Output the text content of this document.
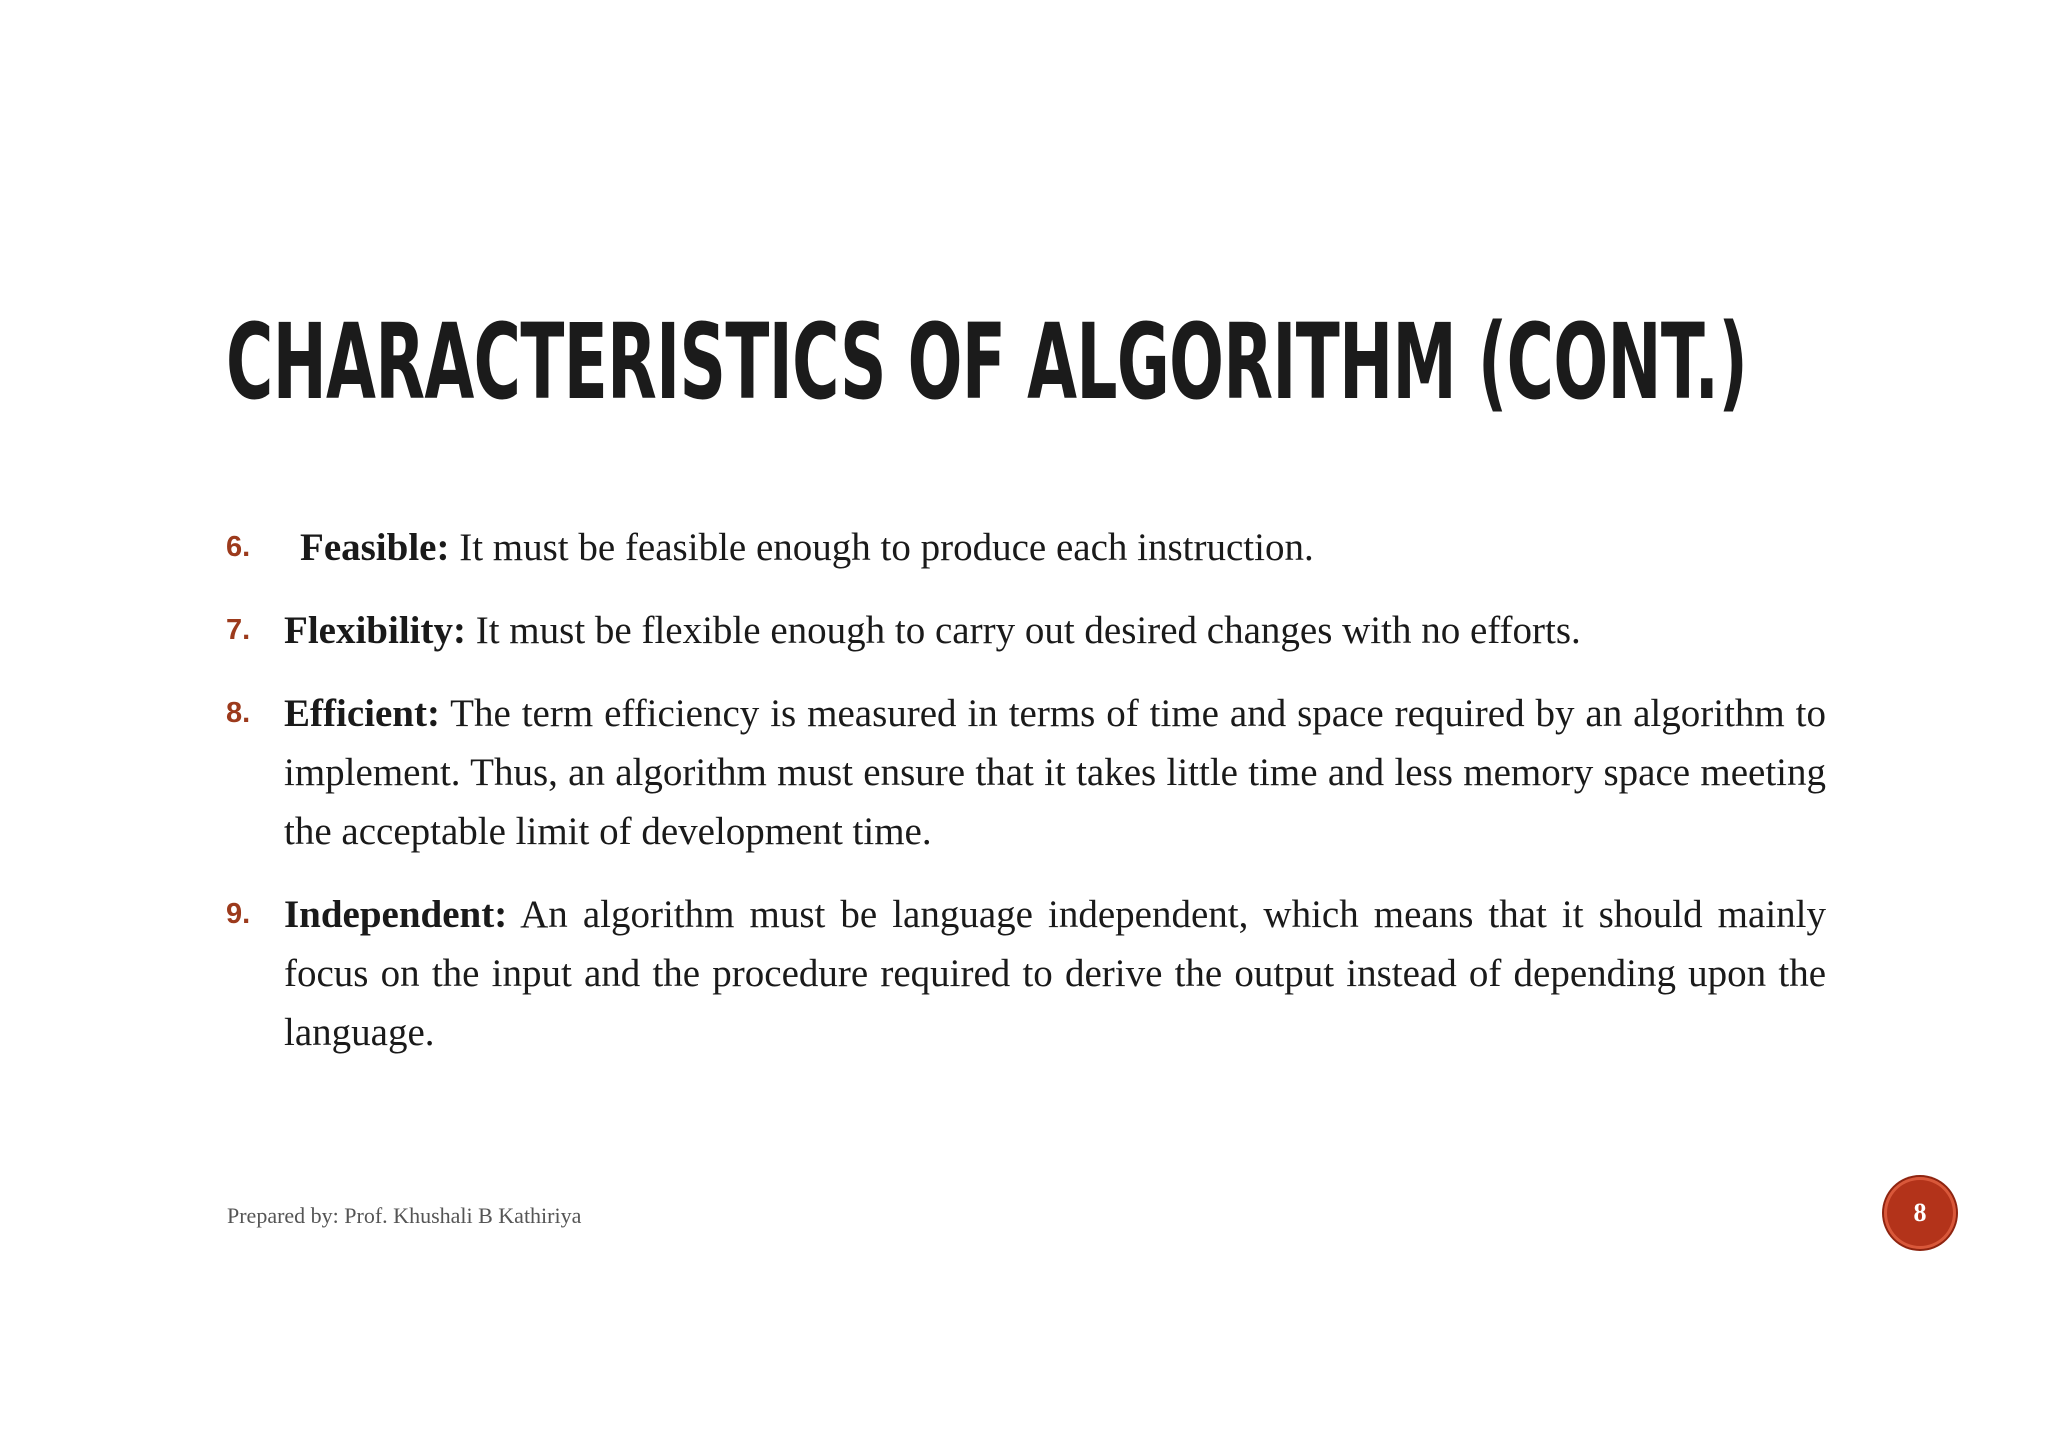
CHARACTERISTICS OF ALGORITHM (CONT.)
6. Feasible: It must be feasible enough to produce each instruction.
7. Flexibility: It must be flexible enough to carry out desired changes with no efforts.
8. Efficient: The term efficiency is measured in terms of time and space required by an algorithm to implement. Thus, an algorithm must ensure that it takes little time and less memory space meeting the acceptable limit of development time.
9. Independent: An algorithm must be language independent, which means that it should mainly focus on the input and the procedure required to derive the output instead of depending upon the language.
Prepared by: Prof. Khushali B Kathiriya	8
